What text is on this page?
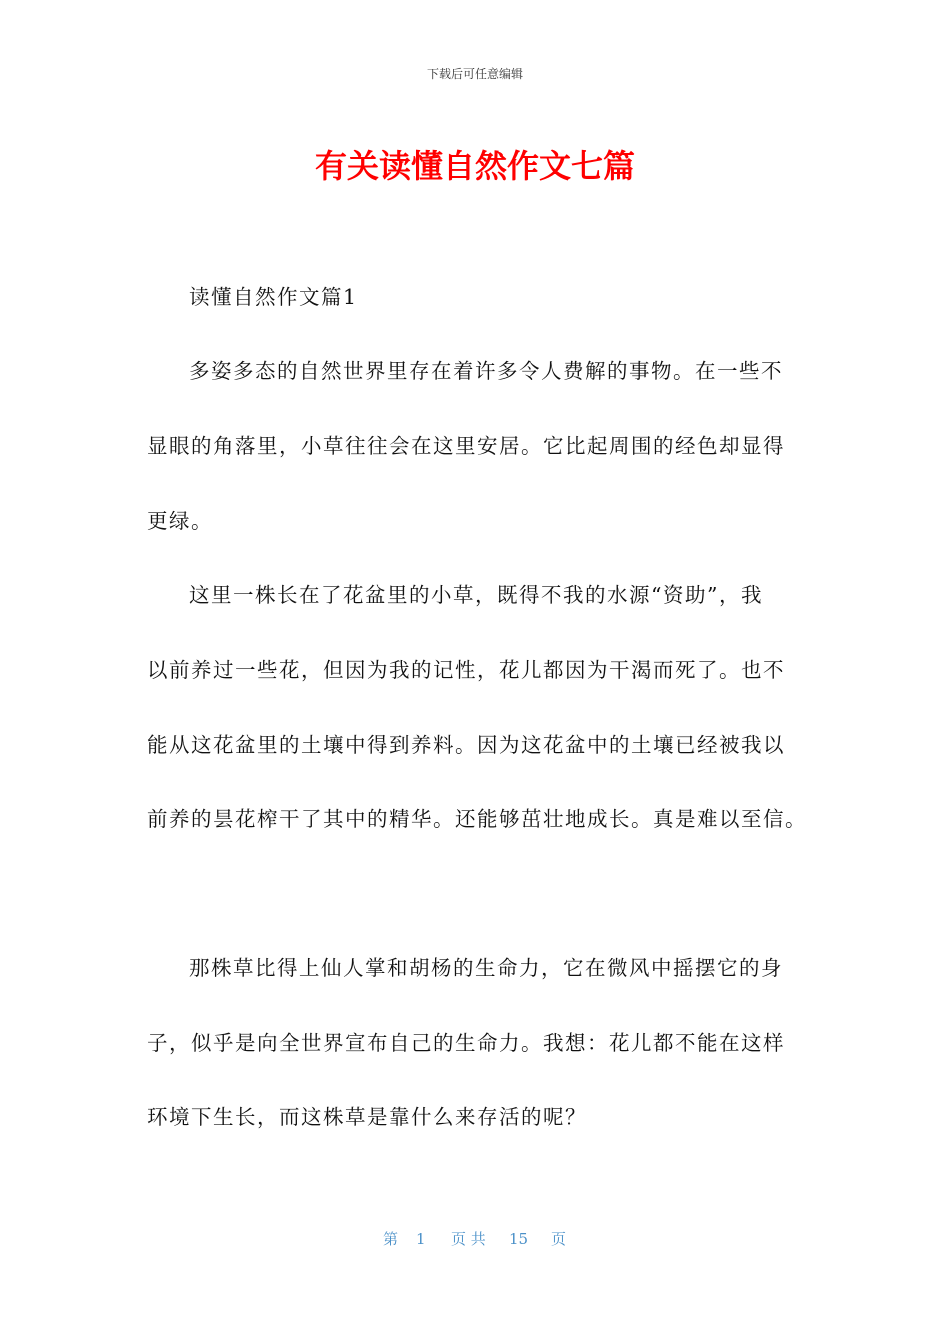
下载后可任意编辑
有关读懂自然作文七篇
读懂自然作文篇1
多姿多态的自然世界里存在着许多令人费解的事物。在一些不
显眼的角落里，小草往往会在这里安居。它比起周围的经色却显得
更绿。
这里一株长在了花盆里的小草，既得不我的水源“资助”，我
以前养过一些花，但因为我的记性，花儿都因为干渴而死了。也不
能从这花盆里的土壤中得到养料。因为这花盆中的土壤已经被我以
前养的昙花榨干了其中的精华。还能够茁壮地成长。真是难以至信。
那株草比得上仙人掌和胡杨的生命力，它在微风中摇摆它的身
子，似乎是向全世界宣布自己的生命力。我想：花儿都不能在这样
环境下生长，而这株草是靠什么来存活的呢？
第 1 页 共 15 页
